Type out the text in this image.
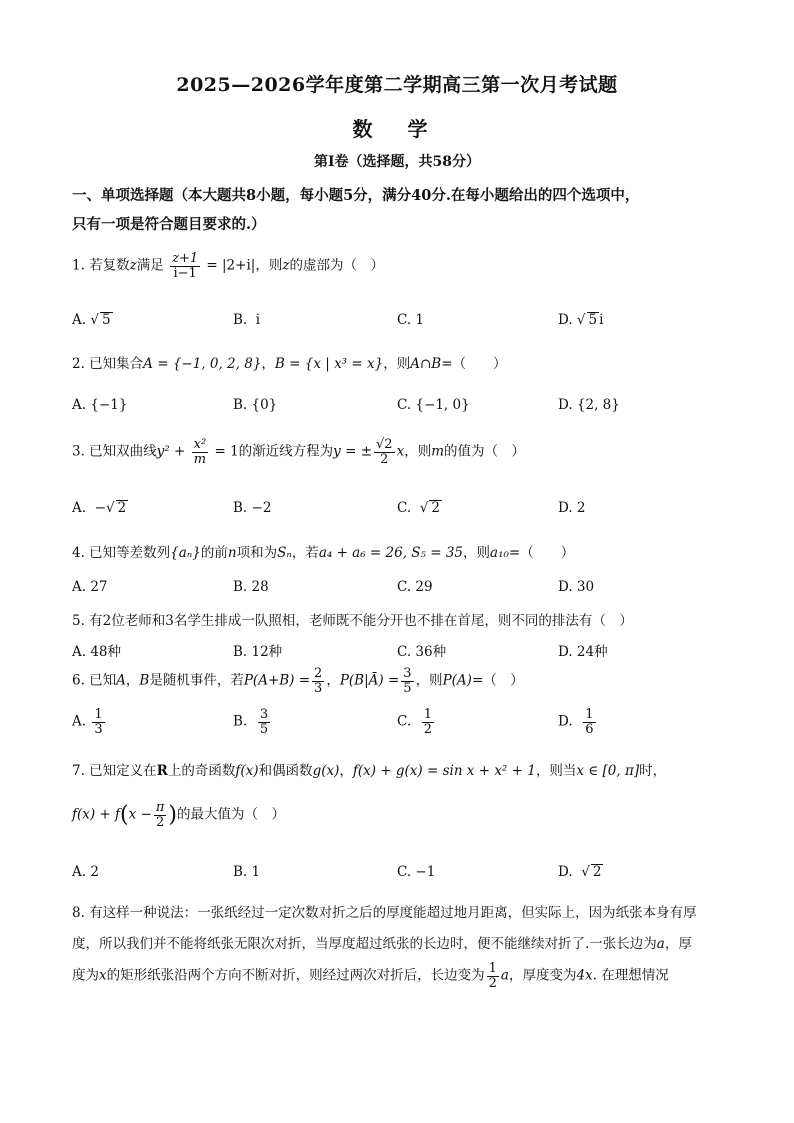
2025—2026学年度第二学期高三第一次月考试题
数 学
第Ⅰ卷（选择题，共58分）
一、单项选择题（本大题共8小题，每小题5分，满分40分.在每小题给出的四个选项中，
只有一项是符合题目要求的.）
1. 若复数z满足 $\frac{z+1}{i-1} = |2+i|$，则z的虚部为（　）
A. √ 5	B.  i	C. 1	D. √ 5 i
2. 已知集合A = {−1, 0, 2, 8}，B = {x | x³ = x}，则A∩B=（　　）
A. {−1}	B. {0}	C. {−1, 0}	D. {2, 8}
3. 已知双曲线$y^2 + \frac{\text{x²}}{m} = 1$的渐近线方程为y = ± $\frac{√2}{2}$ x，则m的值为（　）
A. −√ 2	B. −2	C.  √ 2	D. 2
4. 已知等差数列{aₙ}的前n项和为Sₙ，若a₄ + a₆ = 26, S₅ = 35，则a₁₀=（　　）
A. 27	B. 28	C. 29	D. 30
5. 有2位老师和3名学生排成一队照相，老师既不能分开也不排在首尾，则不同的排法有（　）
A. 48种	B. 12种	C. 36种	D. 24种
6. 已知A，B是随机事件，若$P(A+B) = \frac{2}{3}$ ，P(B|Ā) = $\frac{3}{5}$ ，则P(A)=（　）
A. $\frac{1}{3}$	B. $\frac{3}{5}$	C. $\frac{1}{2}$	D. $\frac{1}{6}$
7. 已知定义在R上的奇函数f(x)和偶函数g(x)，f(x) + g(x) = sin x + x² + 1，则当x ∈ [0, π]时，
$f(x) + f(x - \frac{\pi}{2}$ )的最大值为（　）
A. 2	B. 1	C. −1	D.  √ 2
8. 有这样一种说法：一张纸经过一定次数对折之后的厚度能超过地月距离，但实际上，因为纸张本身有厚
度，所以我们并不能将纸张无限次对折，当厚度超过纸张的长边时，便不能继续对折了.一张长边为a，厚
度为x的矩形纸张沿两个方向不断对折，则经过两次对折后，长边变为 $\frac{1}{2}$ a，厚度变为4x. 在理想情况
